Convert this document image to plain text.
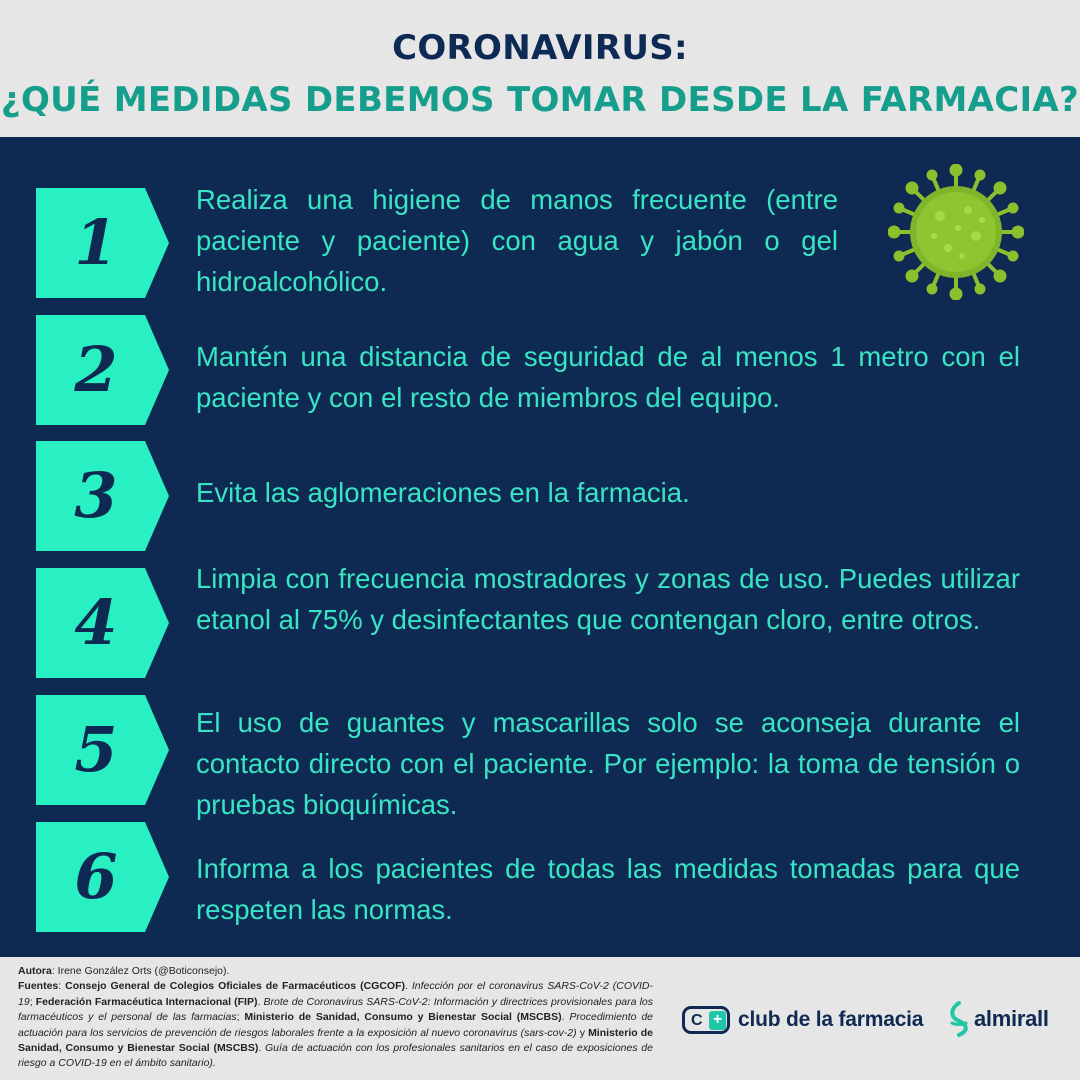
CORONAVIRUS:
¿QUÉ MEDIDAS DEBEMOS TOMAR DESDE LA FARMACIA?
1
Realiza una higiene de manos frecuente (entre paciente y paciente) con agua y jabón o gel hidroalcohólico.
2	Mantén una distancia de seguridad de al menos 1 metro con el paciente y con el resto de miembros del equipo.
3	Evita las aglomeraciones en la farmacia.
4
Limpia con frecuencia mostradores y zonas de uso. Puedes utilizar etanol al 75% y desinfectantes que contengan cloro, entre otros.
5	El uso de guantes y mascarillas solo se aconseja durante el contacto directo con el paciente. Por ejemplo: la toma de tensión o pruebas bioquímicas.
6	Informa a los pacientes de todas las medidas tomadas para que respeten las normas.
Autora: Irene González Orts (@Boticonsejo).
Fuentes: Consejo General de Colegios Oficiales de Farmacéuticos (CGCOF). Infección por el coronavirus SARS-CoV-2 (COVID-19; Federación Farmacéutica Internacional (FIP). Brote de Coronavirus SARS-CoV-2: Información y directrices provisionales para los farmacéuticos y el personal de las farmacias; Ministerio de Sanidad, Consumo y Bienestar Social (MSCBS). Procedimiento de actuación para los servicios de prevención de riesgos laborales frente a la exposición al nuevo coronavirus (sars-cov-2) y Ministerio de Sanidad, Consumo y Bienestar Social (MSCBS). Guía de actuación con los profesionales sanitarios en el caso de exposiciones de riesgo a COVID-19 en el ámbito sanitario).
C + club de la farmacia almirall
